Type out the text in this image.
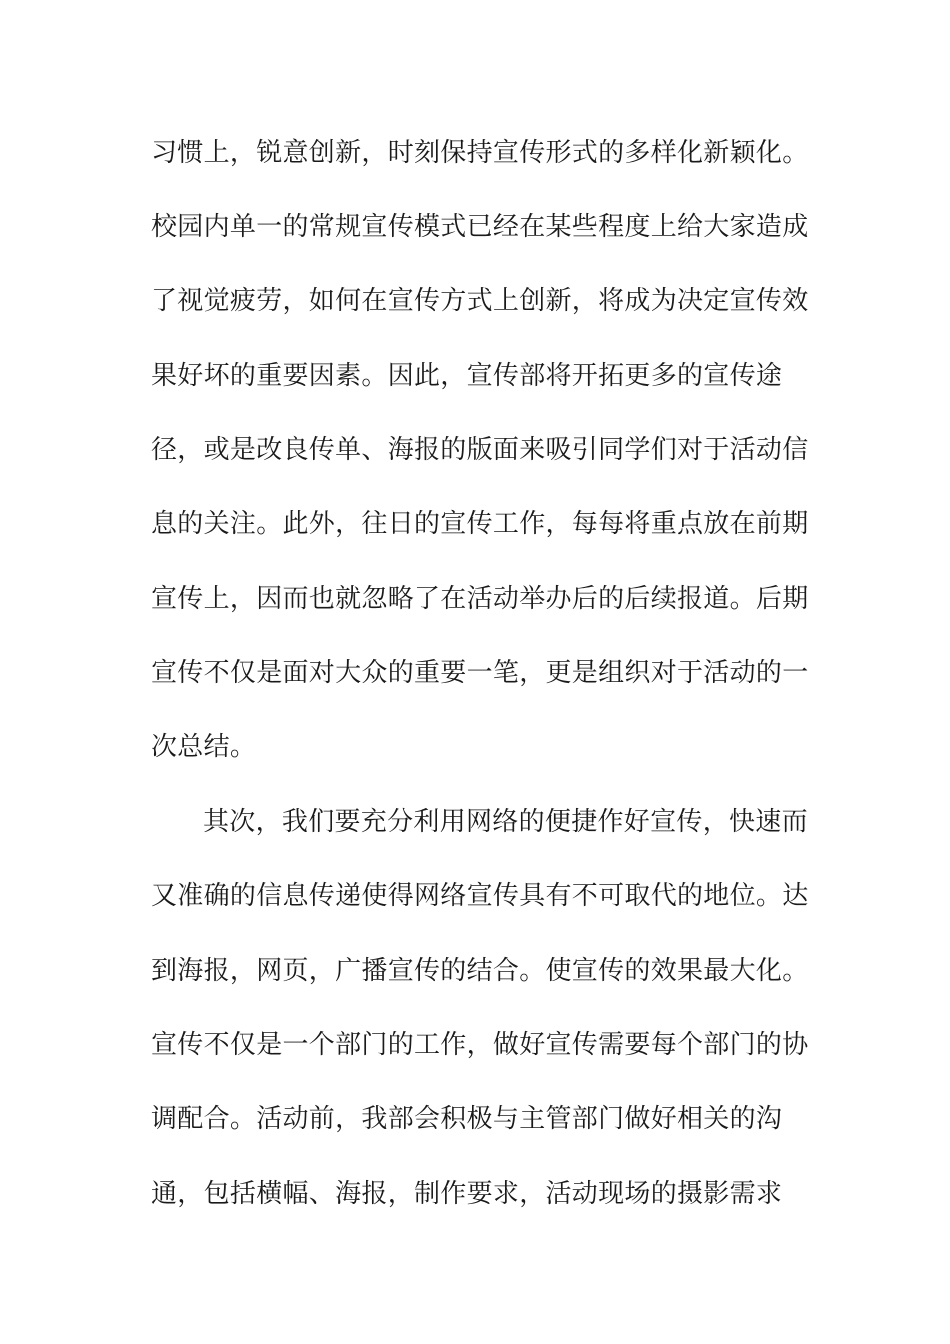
习惯上，锐意创新，时刻保持宣传形式的多样化新颖化。
校园内单一的常规宣传模式已经在某些程度上给大家造成
了视觉疲劳，如何在宣传方式上创新，将成为决定宣传效
果好坏的重要因素。因此，宣传部将开拓更多的宣传途
径，或是改良传单、海报的版面来吸引同学们对于活动信
息的关注。此外，往日的宣传工作，每每将重点放在前期
宣传上，因而也就忽略了在活动举办后的后续报道。后期
宣传不仅是面对大众的重要一笔，更是组织对于活动的一
次总结。
其次，我们要充分利用网络的便捷作好宣传，快速而
又准确的信息传递使得网络宣传具有不可取代的地位。达
到海报，网页，广播宣传的结合。使宣传的效果最大化。
宣传不仅是一个部门的工作，做好宣传需要每个部门的协
调配合。活动前，我部会积极与主管部门做好相关的沟
通，包括横幅、海报，制作要求，活动现场的摄影需求
